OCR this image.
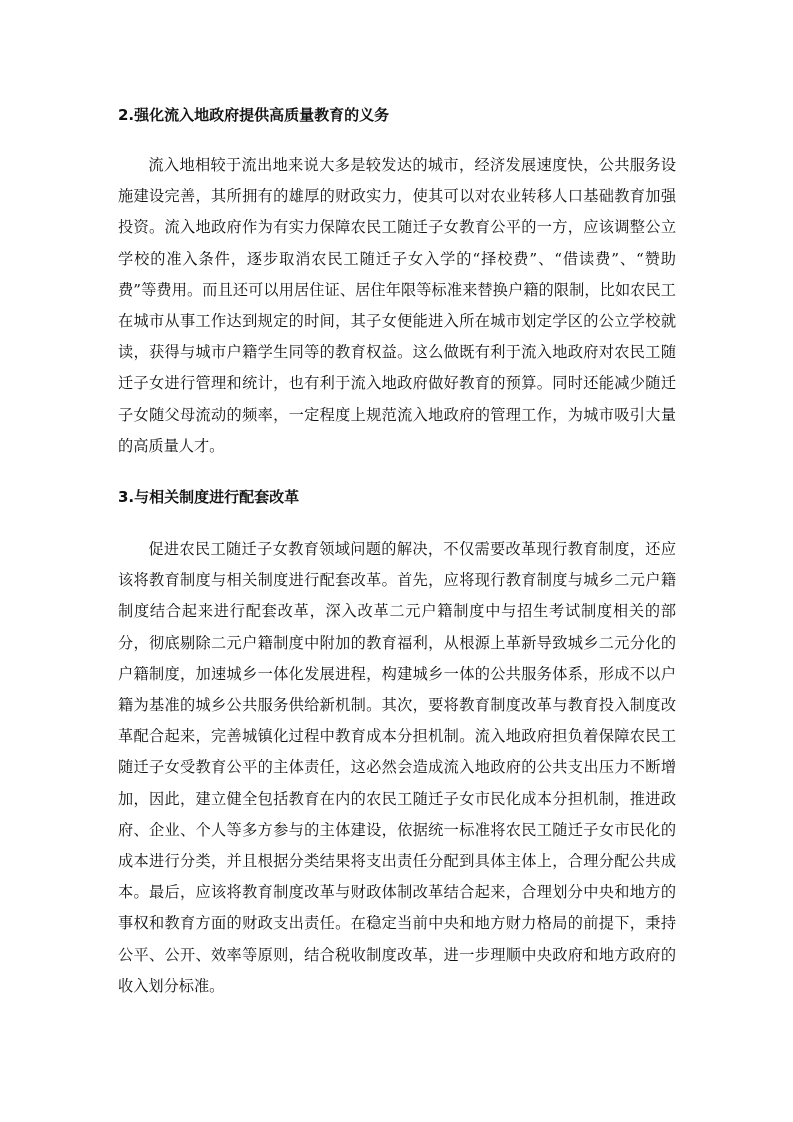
2.强化流入地政府提供高质量教育的义务

流入地相较于流出地来说大多是较发达的城市，经济发展速度快，公共服务设施建设完善，其所拥有的雄厚的财政实力，使其可以对农业转移人口基础教育加强投资。流入地政府作为有实力保障农民工随迁子女教育公平的一方，应该调整公立学校的准入条件，逐步取消农民工随迁子女入学的“择校费”、“借读费”、“赞助费”等费用。而且还可以用居住证、居住年限等标准来替换户籍的限制，比如农民工在城市从事工作达到规定的时间，其子女便能进入所在城市划定学区的公立学校就读，获得与城市户籍学生同等的教育权益。这么做既有利于流入地政府对农民工随迁子女进行管理和统计，也有利于流入地政府做好教育的预算。同时还能减少随迁子女随父母流动的频率，一定程度上规范流入地政府的管理工作，为城市吸引大量的高质量人才。

3.与相关制度进行配套改革

促进农民工随迁子女教育领域问题的解决，不仅需要改革现行教育制度，还应该将教育制度与相关制度进行配套改革。首先，应将现行教育制度与城乡二元户籍制度结合起来进行配套改革，深入改革二元户籍制度中与招生考试制度相关的部分，彻底剔除二元户籍制度中附加的教育福利，从根源上革新导致城乡二元分化的户籍制度，加速城乡一体化发展进程，构建城乡一体的公共服务体系，形成不以户籍为基准的城乡公共服务供给新机制。其次，要将教育制度改革与教育投入制度改革配合起来，完善城镇化过程中教育成本分担机制。流入地政府担负着保障农民工随迁子女受教育公平的主体责任，这必然会造成流入地政府的公共支出压力不断增加，因此，建立健全包括教育在内的农民工随迁子女市民化成本分担机制，推进政府、企业、个人等多方参与的主体建设，依据统一标准将农民工随迁子女市民化的成本进行分类，并且根据分类结果将支出责任分配到具体主体上，合理分配公共成本。最后，应该将教育制度改革与财政体制改革结合起来，合理划分中央和地方的事权和教育方面的财政支出责任。在稳定当前中央和地方财力格局的前提下，秉持公平、公开、效率等原则，结合税收制度改革，进一步理顺中央政府和地方政府的收入划分标准。
